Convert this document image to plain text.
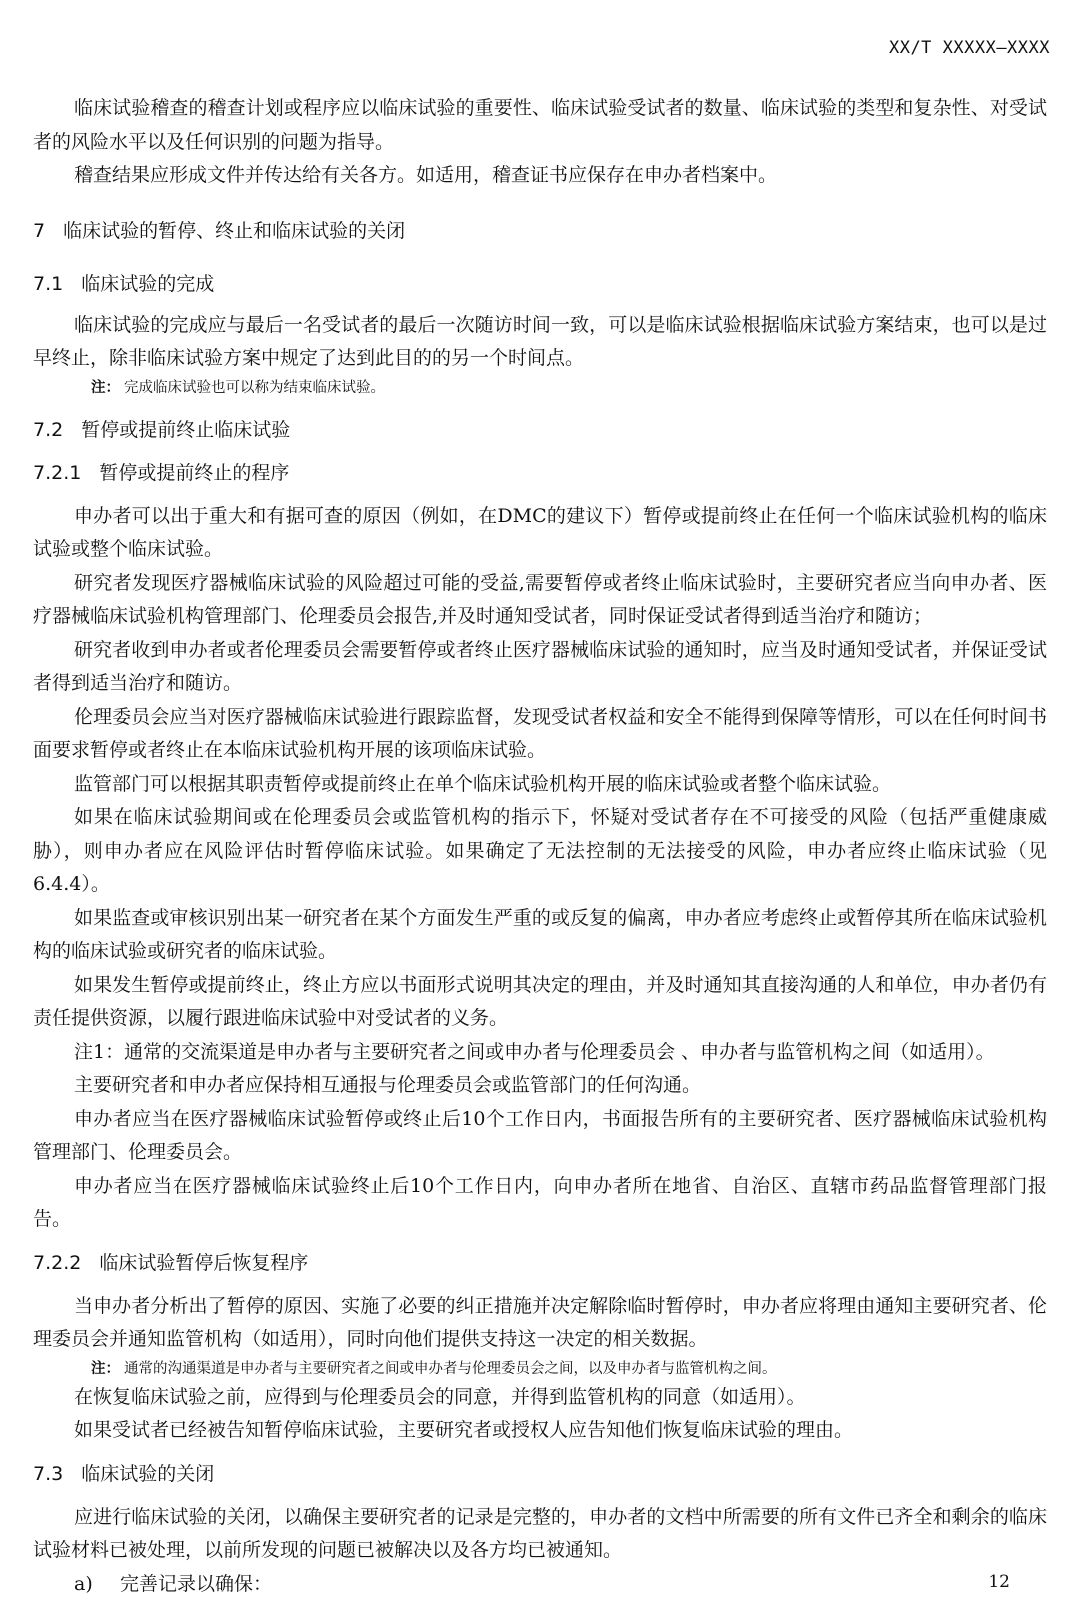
XX/T XXXXX—XXXX

临床试验稽查的稽查计划或程序应以临床试验的重要性、临床试验受试者的数量、临床试验的类型和复杂性、对受试者的风险水平以及任何识别的问题为指导。

稽查结果应形成文件并传达给有关各方。如适用，稽查证书应保存在申办者档案中。

7 临床试验的暂停、终止和临床试验的关闭
7.1 临床试验的完成

临床试验的完成应与最后一名受试者的最后一次随访时间一致，可以是临床试验根据临床试验方案结束，也可以是过早终止，除非临床试验方案中规定了达到此目的的另一个时间点。

注： 完成临床试验也可以称为结束临床试验。
7.2 暂停或提前终止临床试验
7.2.1 暂停或提前终止的程序

申办者可以出于重大和有据可查的原因（例如，在DMC的建议下）暂停或提前终止在任何一个临床试验机构的临床试验或整个临床试验。

研究者发现医疗器械临床试验的风险超过可能的受益,需要暂停或者终止临床试验时，主要研究者应当向申办者、医疗器械临床试验机构管理部门、伦理委员会报告,并及时通知受试者，同时保证受试者得到适当治疗和随访；

研究者收到申办者或者伦理委员会需要暂停或者终止医疗器械临床试验的通知时，应当及时通知受试者，并保证受试者得到适当治疗和随访。

伦理委员会应当对医疗器械临床试验进行跟踪监督，发现受试者权益和安全不能得到保障等情形，可以在任何时间书面要求暂停或者终止在本临床试验机构开展的该项临床试验。

监管部门可以根据其职责暂停或提前终止在单个临床试验机构开展的临床试验或者整个临床试验。

如果在临床试验期间或在伦理委员会或监管机构的指示下，怀疑对受试者存在不可接受的风险（包括严重健康威胁），则申办者应在风险评估时暂停临床试验。如果确定了无法控制的无法接受的风险，申办者应终止临床试验（见6.4.4）。

如果监查或审核识别出某一研究者在某个方面发生严重的或反复的偏离，申办者应考虑终止或暂停其所在临床试验机构的临床试验或研究者的临床试验。

如果发生暂停或提前终止，终止方应以书面形式说明其决定的理由，并及时通知其直接沟通的人和单位，申办者仍有责任提供资源，以履行跟进临床试验中对受试者的义务。

注1：通常的交流渠道是申办者与主要研究者之间或申办者与伦理委员会 、申办者与监管机构之间（如适用）。

主要研究者和申办者应保持相互通报与伦理委员会或监管部门的任何沟通。

申办者应当在医疗器械临床试验暂停或终止后10个工作日内，书面报告所有的主要研究者、医疗器械临床试验机构管理部门、伦理委员会。

申办者应当在医疗器械临床试验终止后10个工作日内，向申办者所在地省、自治区、直辖市药品监督管理部门报告。

7.2.2 临床试验暂停后恢复程序

当申办者分析出了暂停的原因、实施了必要的纠正措施并决定解除临时暂停时，申办者应将理由通知主要研究者、伦理委员会并通知监管机构（如适用），同时向他们提供支持这一决定的相关数据。

注： 通常的沟通渠道是申办者与主要研究者之间或申办者与伦理委员会之间，以及申办者与监管机构之间。

在恢复临床试验之前，应得到与伦理委员会的同意，并得到监管机构的同意（如适用）。

如果受试者已经被告知暂停临床试验，主要研究者或授权人应告知他们恢复临床试验的理由。

7.3 临床试验的关闭

应进行临床试验的关闭，以确保主要研究者的记录是完整的，申办者的文档中所需要的所有文件已齐全和剩余的临床试验材料已被处理，以前所发现的问题已被解决以及各方均已被通知。

a) 完善记录以确保：	12
